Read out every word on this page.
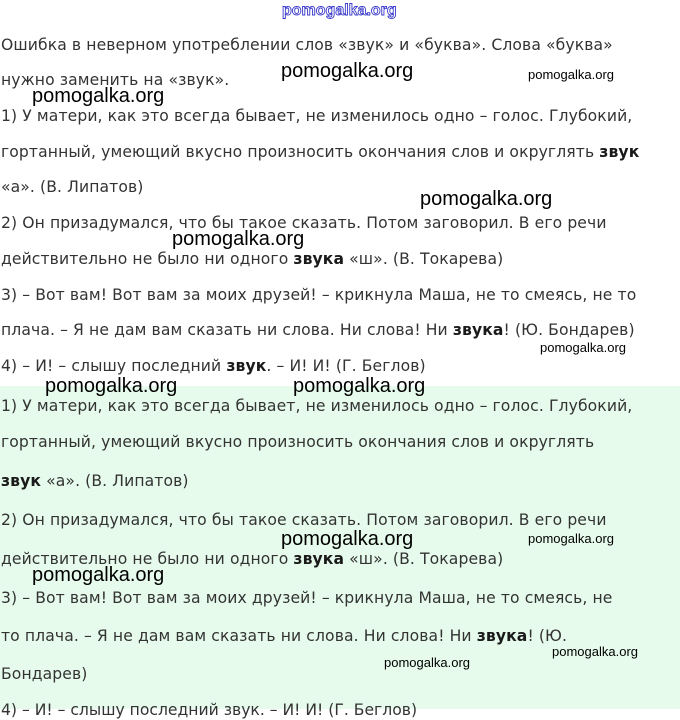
Ошибка в неверном употреблении слов «звук» и «буква». Слова «буква»
нужно заменить на «звук».
1) У матери, как это всегда бывает, не изменилось одно – голос. Глубокий,
гортанный, умеющий вкусно произносить окончания слов и округлять звук
«а». (В. Липатов)
2) Он призадумался, что бы такое сказать. Потом заговорил. В его речи
действительно не было ни одного звука «ш». (В. Токарева)
3) – Вот вам! Вот вам за моих друзей! – крикнула Маша, не то смеясь, не то
плача. – Я не дам вам сказать ни слова. Ни слова! Ни звука! (Ю. Бондарев)
4) – И! – слышу последний звук. – И! И! (Г. Беглов)
1) У матери, как это всегда бывает, не изменилось одно – голос. Глубокий,
гортанный, умеющий вкусно произносить окончания слов и округлять
звук «а». (В. Липатов)
2) Он призадумался, что бы такое сказать. Потом заговорил. В его речи
действительно не было ни одного звука «ш». (В. Токарева)
3) – Вот вам! Вот вам за моих друзей! – крикнула Маша, не то смеясь, не
то плача. – Я не дам вам сказать ни слова. Ни слова! Ни звука! (Ю.
Бондарев)
4) – И! – слышу последний звук. – И! И! (Г. Беглов)
pomogalka.org
pomogalka.org	pomogalka.org
pomogalka.org
pomogalka.org
pomogalka.org
pomogalka.org
pomogalka.org	pomogalka.org
pomogalka.org	pomogalka.org
pomogalka.org
pomogalka.org
pomogalka.org
